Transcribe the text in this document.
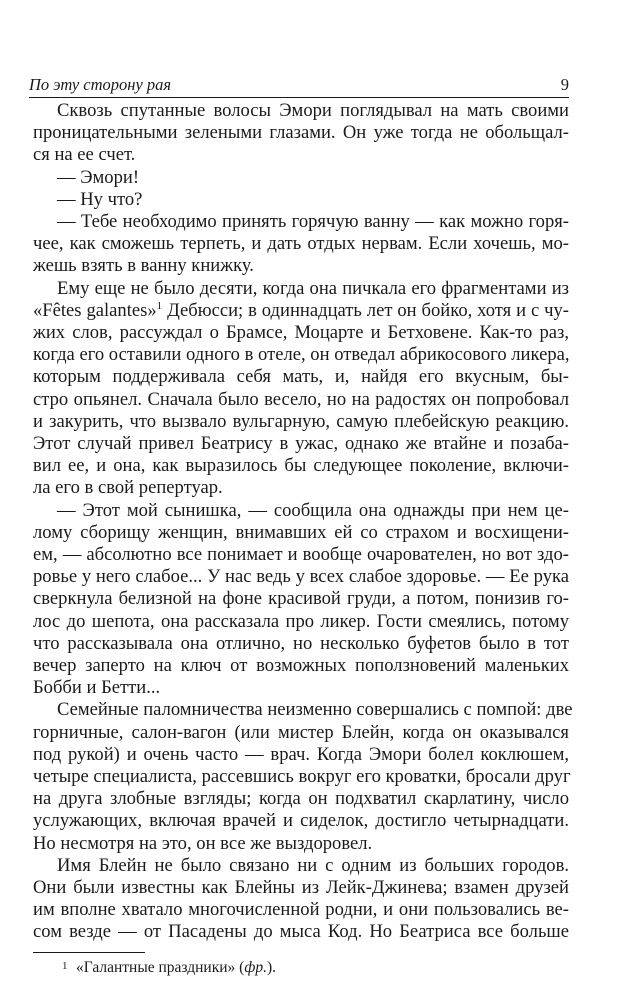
По эту сторону рая	9
Сквозь спутанные волосы Эмори поглядывал на мать своими
проницательными зелеными глазами. Он уже тогда не обольщал-
ся на ее счет.
— Эмори!
— Ну что?
— Тебе необходимо принять горячую ванну — как можно горя-
чее, как сможешь терпеть, и дать отдых нервам. Если хочешь, мо-
жешь взять в ванну книжку.
Ему еще не было десяти, когда она пичкала его фрагментами из
«Fêtes galantes»$^1$ Дебюсси; в одиннадцать лет он бойко, хотя и с чу-
жих слов, рассуждал о Брамсе, Моцарте и Бетховене. Как-то раз,
когда его оставили одного в отеле, он отведал абрикосового ликера,
которым поддерживала себя мать, и, найдя его вкусным, бы-
стро опьянел. Сначала было весело, но на радостях он попробовал
и закурить, что вызвало вульгарную, самую плебейскую реакцию.
Этот случай привел Беатрису в ужас, однако же втайне и позаба-
вил ее, и она, как выразилось бы следующее поколение, включи-
ла его в свой репертуар.
— Этот мой сынишка, — сообщила она однажды при нем це-
лому сборищу женщин, внимавших ей со страхом и восхищени-
ем, — абсолютно все понимает и вообще очарователен, но вот здо-
ровье у него слабое... У нас ведь у всех слабое здоровье. — Ее рука
сверкнула белизной на фоне красивой груди, а потом, понизив го-
лос до шепота, она рассказала про ликер. Гости смеялись, потому
что рассказывала она отлично, но несколько буфетов было в тот
вечер заперто на ключ от возможных поползновений маленьких
Бобби и Бетти...
Семейные паломничества неизменно совершались с помпой: две
горничные, салон-вагон (или мистер Блейн, когда он оказывался
под рукой) и очень часто — врач. Когда Эмори болел коклюшем,
четыре специалиста, рассевшись вокруг его кроватки, бросали друг
на друга злобные взгляды; когда он подхватил скарлатину, число
услужающих, включая врачей и сиделок, достигло четырнадцати.
Но несмотря на это, он все же выздоровел.
Имя Блейн не было связано ни с одним из больших городов.
Они были известны как Блейны из Лейк-Джинева; взамен друзей
им вполне хватало многочисленной родни, и они пользовались ве-
сом везде — от Пасадены до мыса Код. Но Беатриса все больше
1 «Галантные праздники» (фр.).
